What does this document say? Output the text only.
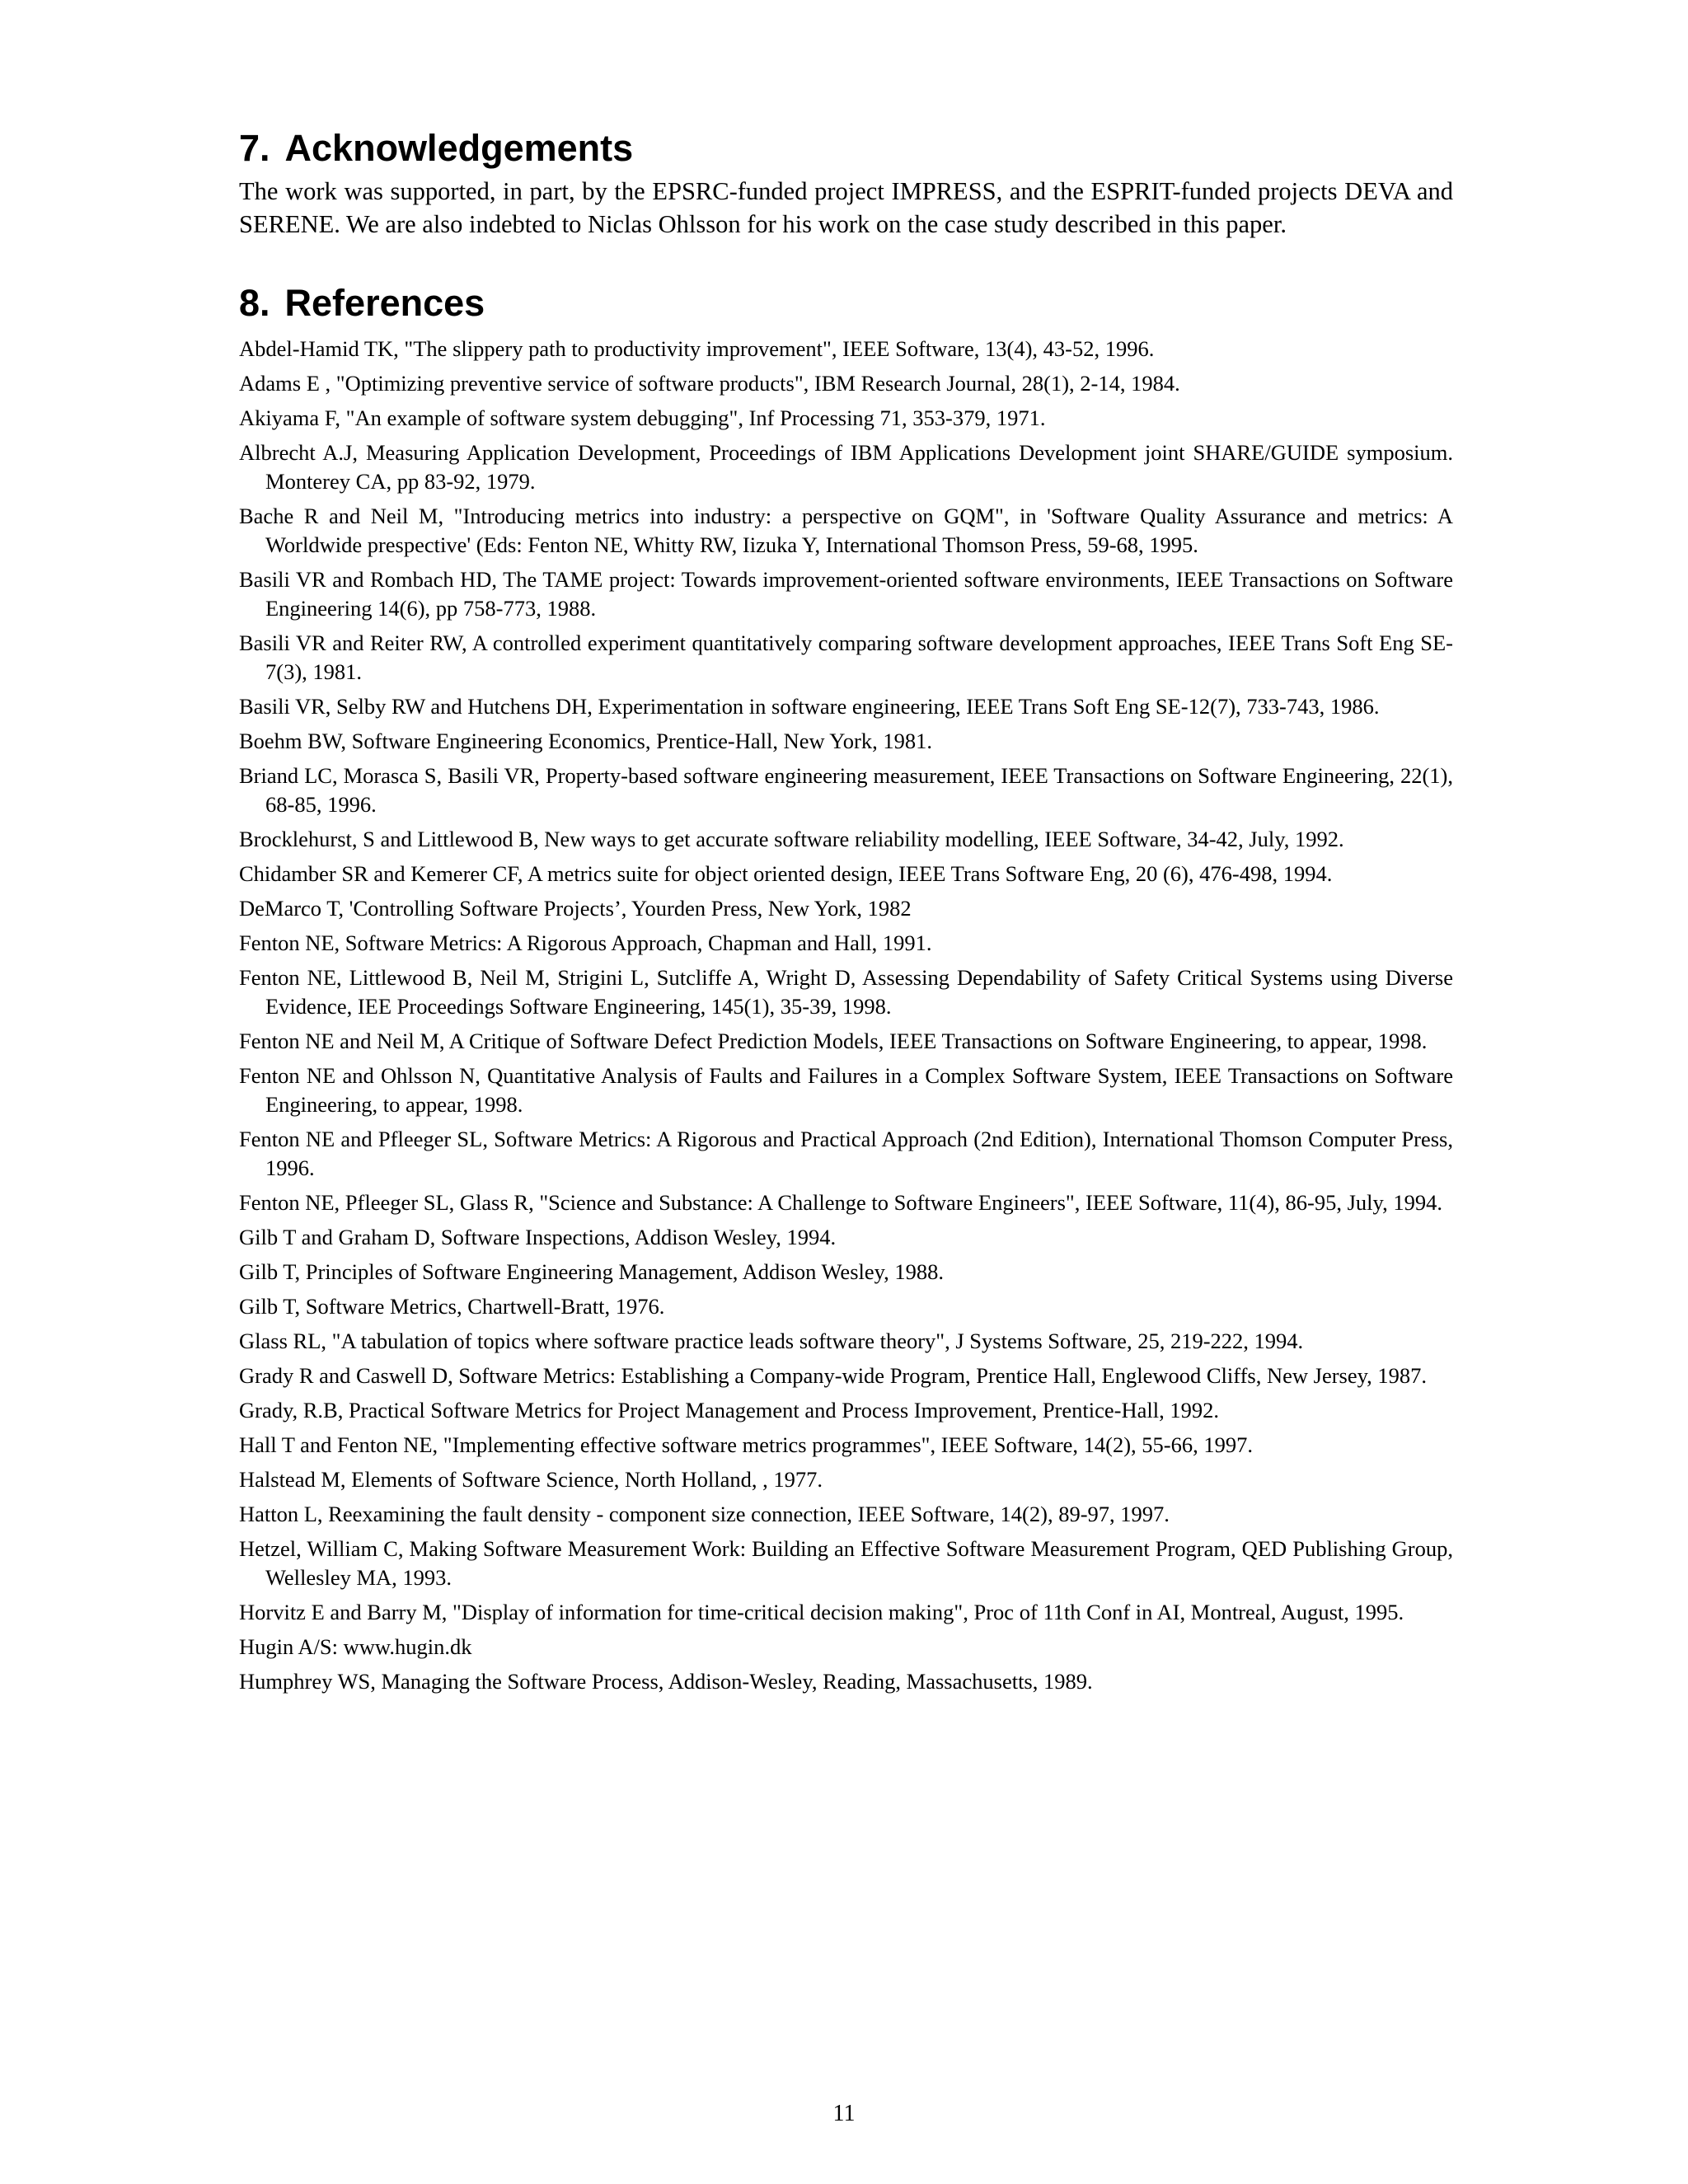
7. Acknowledgements

The work was supported, in part, by the EPSRC-funded project IMPRESS, and the ESPRIT-funded projects DEVA and SERENE. We are also indebted to Niclas Ohlsson for his work on the case study described in this paper.

8. References
Abdel-Hamid TK, "The slippery path to productivity improvement", IEEE Software, 13(4), 43-52, 1996.
Adams E , "Optimizing preventive service of software products", IBM Research Journal, 28(1), 2-14, 1984.
Akiyama F, "An example of software system debugging", Inf Processing 71, 353-379, 1971.
Albrecht A.J, Measuring Application Development, Proceedings of IBM Applications Development joint SHARE/GUIDE symposium. Monterey CA, pp 83-92, 1979.
Bache R and Neil M, "Introducing metrics into industry: a perspective on GQM", in 'Software Quality Assurance and metrics: A Worldwide prespective' (Eds: Fenton NE, Whitty RW, Iizuka Y, International Thomson Press, 59-68, 1995.
Basili VR and Rombach HD, The TAME project: Towards improvement-oriented software environments, IEEE Transactions on Software Engineering 14(6), pp 758-773, 1988.
Basili VR and Reiter RW, A controlled experiment quantitatively comparing software development approaches, IEEE Trans Soft Eng SE-7(3), 1981.
Basili VR, Selby RW and Hutchens DH, Experimentation in software engineering, IEEE Trans Soft Eng SE-12(7), 733-743, 1986.
Boehm BW, Software Engineering Economics, Prentice-Hall, New York, 1981.
Briand LC, Morasca S, Basili VR, Property-based software engineering measurement, IEEE Transactions on Software Engineering, 22(1), 68-85, 1996.
Brocklehurst, S and Littlewood B, New ways to get accurate software reliability modelling, IEEE Software, 34-42, July, 1992.
Chidamber SR and Kemerer CF, A metrics suite for object oriented design, IEEE Trans Software Eng, 20 (6), 476-498, 1994.
DeMarco T, 'Controlling Software Projects’, Yourden Press, New York, 1982
Fenton NE, Software Metrics: A Rigorous Approach, Chapman and Hall, 1991.
Fenton NE, Littlewood B, Neil M, Strigini L, Sutcliffe A, Wright D, Assessing Dependability of Safety Critical Systems using Diverse Evidence, IEE Proceedings Software Engineering, 145(1), 35-39, 1998.
Fenton NE and Neil M, A Critique of Software Defect Prediction Models, IEEE Transactions on Software Engineering, to appear, 1998.
Fenton NE and Ohlsson N, Quantitative Analysis of Faults and Failures in a Complex Software System, IEEE Transactions on Software Engineering, to appear, 1998.
Fenton NE and Pfleeger SL, Software Metrics: A Rigorous and Practical Approach (2nd Edition), International Thomson Computer Press, 1996.
Fenton NE, Pfleeger SL, Glass R, "Science and Substance: A Challenge to Software Engineers", IEEE Software, 11(4), 86-95, July, 1994.
Gilb T and Graham D, Software Inspections, Addison Wesley, 1994.
Gilb T, Principles of Software Engineering Management, Addison Wesley, 1988.
Gilb T, Software Metrics, Chartwell-Bratt, 1976.
Glass RL, "A tabulation of topics where software practice leads software theory", J Systems Software, 25, 219-222, 1994.
Grady R and Caswell D, Software Metrics: Establishing a Company-wide Program, Prentice Hall, Englewood Cliffs, New Jersey, 1987.
Grady, R.B, Practical Software Metrics for Project Management and Process Improvement, Prentice-Hall, 1992.
Hall T and Fenton NE, "Implementing effective software metrics programmes", IEEE Software, 14(2), 55-66, 1997.
Halstead M, Elements of Software Science, North Holland, , 1977.
Hatton L, Reexamining the fault density - component size connection, IEEE Software, 14(2), 89-97, 1997.
Hetzel, William C, Making Software Measurement Work: Building an Effective Software Measurement Program, QED Publishing Group, Wellesley MA, 1993.
Horvitz E and Barry M, "Display of information for time-critical decision making", Proc of 11th Conf in AI, Montreal, August, 1995.
Hugin A/S: www.hugin.dk
Humphrey WS, Managing the Software Process, Addison-Wesley, Reading, Massachusetts, 1989.
11
